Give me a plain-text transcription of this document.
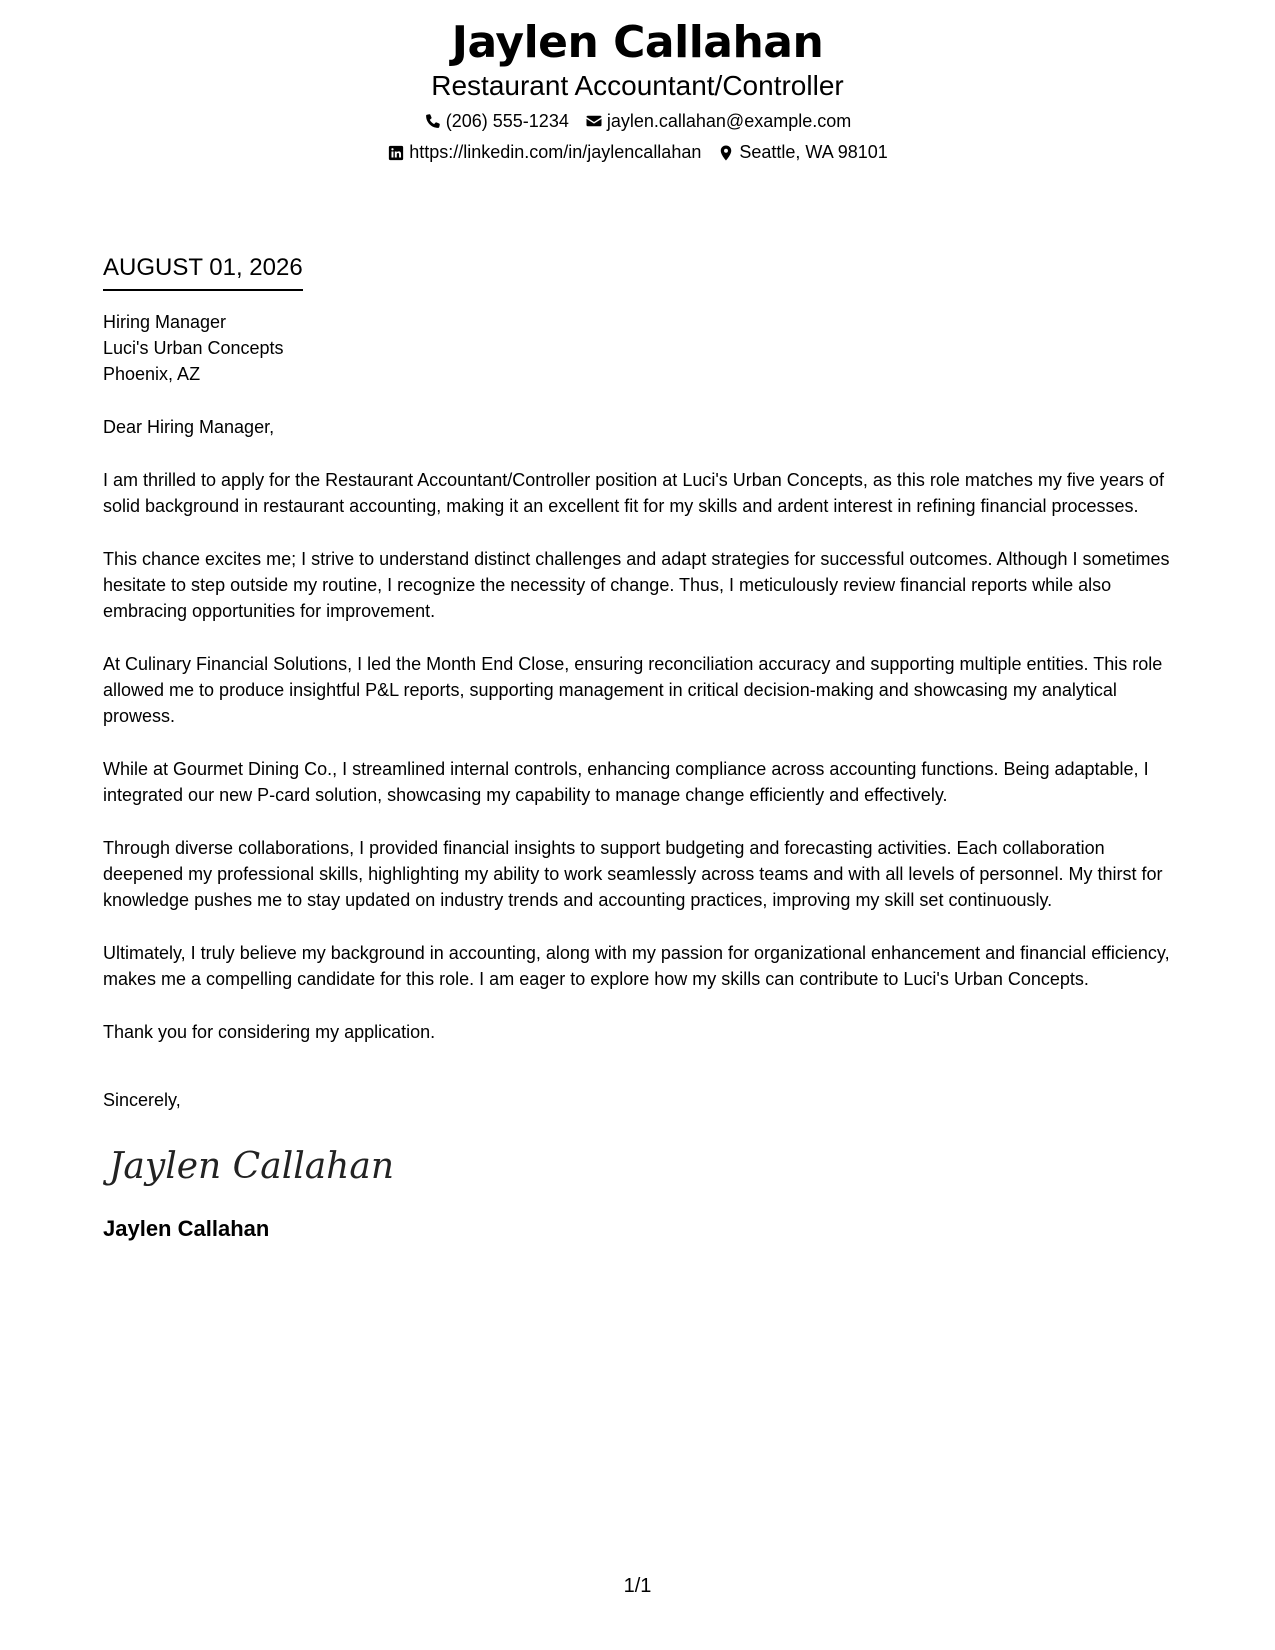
Jaylen Callahan
Restaurant Accountant/Controller
(206) 555-1234 jaylen.callahan@example.com
https://linkedin.com/in/jaylencallahan Seattle, WA 98101
AUGUST 01, 2026
Hiring Manager
Luci's Urban Concepts
Phoenix, AZ
Dear Hiring Manager,

I am thrilled to apply for the Restaurant Accountant/Controller position at Luci's Urban Concepts, as this role matches my five years of solid background in restaurant accounting, making it an excellent fit for my skills and ardent interest in refining financial processes.

This chance excites me; I strive to understand distinct challenges and adapt strategies for successful outcomes. Although I sometimes hesitate to step outside my routine, I recognize the necessity of change. Thus, I meticulously review financial reports while also embracing opportunities for improvement.

At Culinary Financial Solutions, I led the Month End Close, ensuring reconciliation accuracy and supporting multiple entities. This role allowed me to produce insightful P&L reports, supporting management in critical decision-making and showcasing my analytical prowess.

While at Gourmet Dining Co., I streamlined internal controls, enhancing compliance across accounting functions. Being adaptable, I integrated our new P-card solution, showcasing my capability to manage change efficiently and effectively.

Through diverse collaborations, I provided financial insights to support budgeting and forecasting activities. Each collaboration deepened my professional skills, highlighting my ability to work seamlessly across teams and with all levels of personnel. My thirst for knowledge pushes me to stay updated on industry trends and accounting practices, improving my skill set continuously.

Ultimately, I truly believe my background in accounting, along with my passion for organizational enhancement and financial efficiency, makes me a compelling candidate for this role. I am eager to explore how my skills can contribute to Luci's Urban Concepts.

Thank you for considering my application.

Sincerely,
Jaylen Callahan
Jaylen Callahan
1/1
